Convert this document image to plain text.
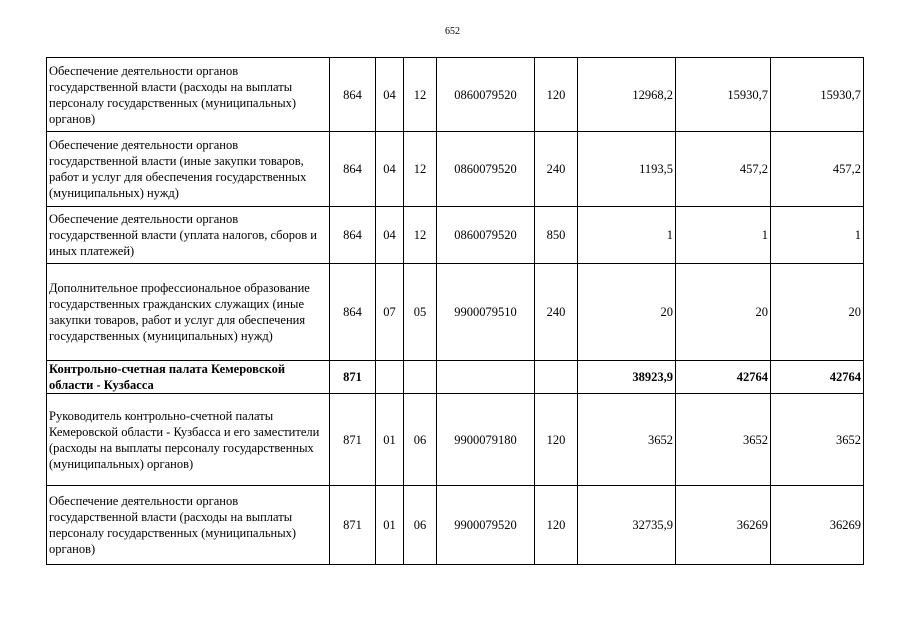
652
Обеспечение деятельности органов государственной власти (расходы на выплаты персоналу государственных (муниципальных) органов)	864	04	12	0860079520	120	12968,2	15930,7	15930,7
Обеспечение деятельности органов государственной власти (иные закупки товаров, работ и услуг для обеспечения государственных (муниципальных) нужд)	864	04	12	0860079520	240	1193,5	457,2	457,2
Обеспечение деятельности органов государственной власти (уплата налогов, сборов и иных платежей)	864	04	12	0860079520	850	1	1	1
Дополнительное профессиональное образование государственных гражданских служащих (иные закупки товаров, работ и услуг для обеспечения государственных (муниципальных) нужд)	864	07	05	9900079510	240	20	20	20
Контрольно-счетная палата Кемеровской области - Кузбасса	871					38923,9	42764	42764
Руководитель контрольно-счетной палаты Кемеровской области - Кузбасса и его заместители (расходы на выплаты персоналу государственных (муниципальных) органов)	871	01	06	9900079180	120	3652	3652	3652
Обеспечение деятельности органов государственной власти (расходы на выплаты персоналу государственных (муниципальных) органов)	871	01	06	9900079520	120	32735,9	36269	36269
